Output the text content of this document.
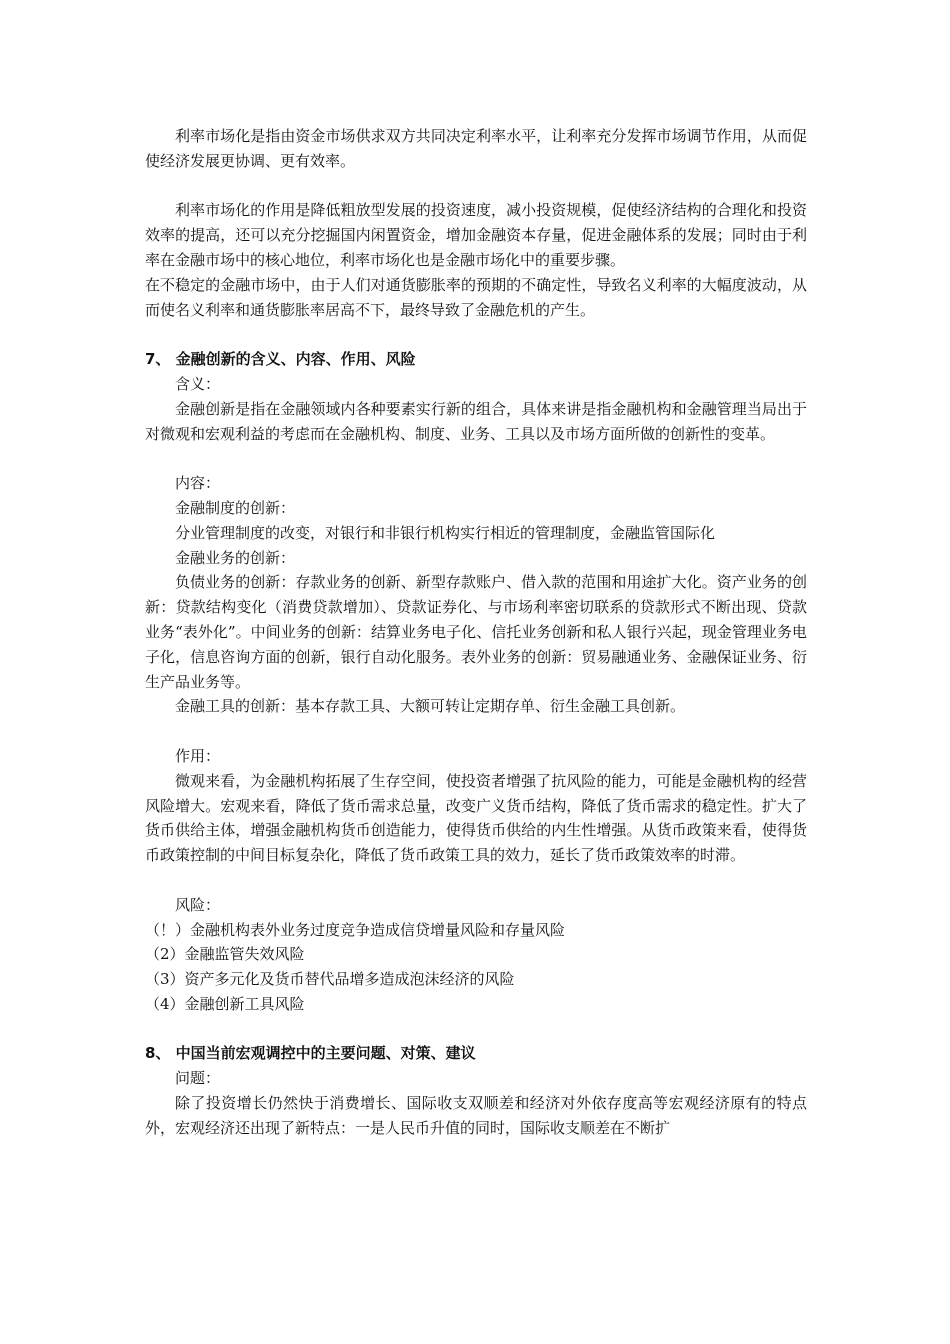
利率市场化是指由资金市场供求双方共同决定利率水平，让利率充分发挥市场调节作用，从而促使经济发展更协调、更有效率。

利率市场化的作用是降低粗放型发展的投资速度，减小投资规模，促使经济结构的合理化和投资效率的提高，还可以充分挖掘国内闲置资金，增加金融资本存量，促进金融体系的发展；同时由于利率在金融市场中的核心地位，利率市场化也是金融市场化中的重要步骤。

在不稳定的金融市场中，由于人们对通货膨胀率的预期的不确定性，导致名义利率的大幅度波动，从而使名义利率和通货膨胀率居高不下，最终导致了金融危机的产生。

7、 金融创新的含义、内容、作用、风险

含义：

金融创新是指在金融领域内各种要素实行新的组合，具体来讲是指金融机构和金融管理当局出于对微观和宏观利益的考虑而在金融机构、制度、业务、工具以及市场方面所做的创新性的变革。

内容：

金融制度的创新：

分业管理制度的改变，对银行和非银行机构实行相近的管理制度，金融监管国际化

金融业务的创新：

负债业务的创新：存款业务的创新、新型存款账户、借入款的范围和用途扩大化。资产业务的创新：贷款结构变化（消费贷款增加）、贷款证券化、与市场利率密切联系的贷款形式不断出现、贷款业务“表外化”。中间业务的创新：结算业务电子化、信托业务创新和私人银行兴起，现金管理业务电子化，信息咨询方面的创新，银行自动化服务。表外业务的创新：贸易融通业务、金融保证业务、衍生产品业务等。

金融工具的创新：基本存款工具、大额可转让定期存单、衍生金融工具创新。

作用：

微观来看，为金融机构拓展了生存空间，使投资者增强了抗风险的能力，可能是金融机构的经营风险增大。宏观来看，降低了货币需求总量，改变广义货币结构，降低了货币需求的稳定性。扩大了货币供给主体，增强金融机构货币创造能力，使得货币供给的内生性增强。从货币政策来看，使得货币政策控制的中间目标复杂化，降低了货币政策工具的效力，延长了货币政策效率的时滞。

风险：

（！）金融机构表外业务过度竞争造成信贷增量风险和存量风险

（2）金融监管失效风险

（3）资产多元化及货币替代品增多造成泡沫经济的风险

（4）金融创新工具风险

8、 中国当前宏观调控中的主要问题、对策、建议

问题：

除了投资增长仍然快于消费增长、国际收支双顺差和经济对外依存度高等宏观经济原有的特点外，宏观经济还出现了新特点：一是人民币升值的同时，国际收支顺差在不断扩
